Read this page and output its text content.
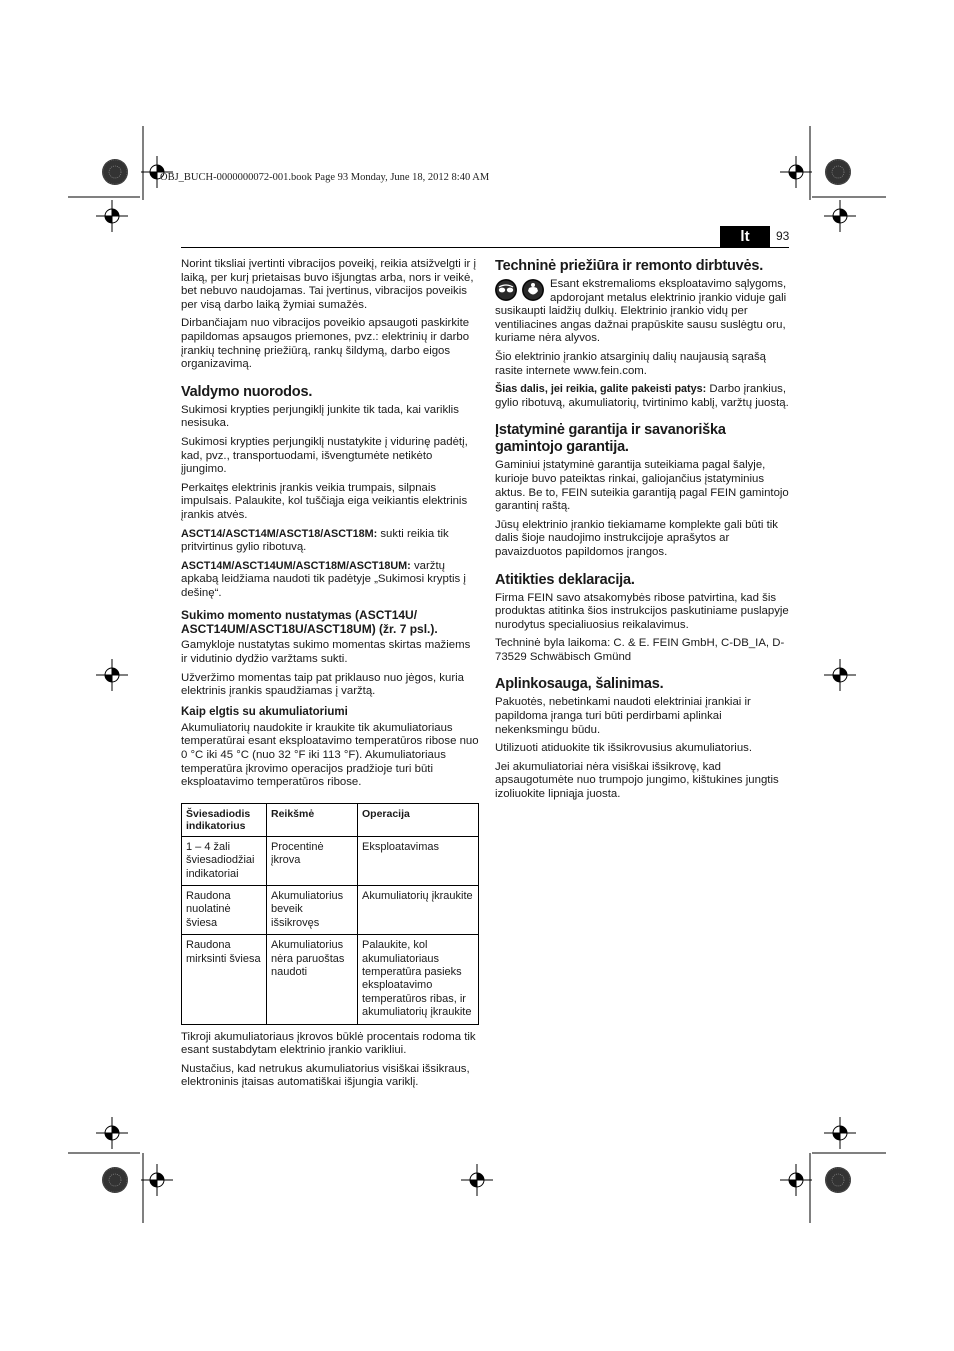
OBJ_BUCH-0000000072-001.book Page 93 Monday, June 18, 2012 8:40 AM
lt	93

Norint tiksliai įvertinti vibracijos poveikį, reikia atsižvelgti ir į laiką, per kurį prietaisas buvo išjungtas arba, nors ir veikė, bet nebuvo naudojamas. Tai įvertinus, vibracijos poveikis per visą darbo laiką žymiai sumažės.

Dirbančiajam nuo vibracijos poveikio apsaugoti paskirkite papildomas apsaugos priemones, pvz.: elektrinių ir darbo įrankių techninę priežiūrą, rankų šildymą, darbo eigos organizavimą.

Valdymo nuorodos.

Sukimosi krypties perjungiklį junkite tik tada, kai variklis nesisuka.

Sukimosi krypties perjungiklį nustatykite į vidurinę padėtį, kad, pvz., transportuodami, išvengtumėte netikėto įjungimo.

Perkaitęs elektrinis įrankis veikia trumpais, silpnais impulsais. Palaukite, kol tuščiąja eiga veikiantis elektrinis įrankis atvės.

ASCT14/ASCT14M/ASCT18/ASCT18M: sukti reikia tik pritvirtinus gylio ribotuvą.

ASCT14M/ASCT14UM/ASCT18M/ASCT18UM: varžtų apkabą leidžiama naudoti tik padėtyje „Sukimosi kryptis į dešinę“.

Sukimo momento nustatymas (ASCT14U/ ASCT14UM/ASCT18U/ASCT18UM) (žr. 7 psl.).

Gamykloje nustatytas sukimo momentas skirtas mažiems ir vidutinio dydžio varžtams sukti.

Užveržimo momentas taip pat priklauso nuo jėgos, kuria elektrinis įrankis spaudžiamas į varžtą.

Kaip elgtis su akumuliatoriumi

Akumuliatorių naudokite ir kraukite tik akumuliatoriaus temperatūrai esant eksploatavimo temperatūros ribose nuo 0 °C iki 45 °C (nuo 32 °F iki 113 °F). Akumuliatoriaus temperatūra įkrovimo operacijos pradžioje turi būti eksploatavimo temperatūros ribose.

Šviesadiodis indikatorius	Reikšmė	Operacija
1 – 4 žali šviesadiodžiai indikatoriai	Procentinė įkrova	Eksploatavimas
Raudona nuolatinė šviesa	Akumuliatorius beveik išsikrovęs	Akumuliatorių įkraukite
Raudona mirksinti šviesa	Akumuliatorius nėra paruoštas naudoti	Palaukite, kol akumuliatoriaus temperatūra pasieks eksploatavimo temperatūros ribas, ir akumuliatorių įkraukite

Tikroji akumuliatoriaus įkrovos būklė procentais rodoma tik esant sustabdytam elektrinio įrankio varikliui.

Nustačius, kad netrukus akumuliatorius visiškai išsikraus, elektroninis įtaisas automatiškai išjungia variklį.

Techninė priežiūra ir remonto dirbtuvės.

Esant ekstremalioms eksploatavimo sąlygoms, apdorojant metalus elektrinio įrankio viduje gali susikaupti laidžių dulkių. Elektrinio įrankio vidų per ventiliacines angas dažnai prapūskite sausu suslėgtu oru, kuriame nėra alyvos.

Šio elektrinio įrankio atsarginių dalių naujausią sąrašą rasite internete www.fein.com.

Šias dalis, jei reikia, galite pakeisti patys: Darbo įrankius, gylio ribotuvą, akumuliatorių, tvirtinimo kablį, varžtų juostą.

Įstatyminė garantija ir savanoriška gamintojo garantija.

Gaminiui įstatyminė garantija suteikiama pagal šalyje, kurioje buvo pateiktas rinkai, galiojančius įstatyminius aktus. Be to, FEIN suteikia garantiją pagal FEIN gamintojo garantinį raštą.

Jūsų elektrinio įrankio tiekiamame komplekte gali būti tik dalis šioje naudojimo instrukcijoje aprašytos ar pavaizduotos papildomos įrangos.

Atitikties deklaracija.

Firma FEIN savo atsakomybės ribose patvirtina, kad šis produktas atitinka šios instrukcijos paskutiniame puslapyje nurodytus specialiuosius reikalavimus.

Techninė byla laikoma: C. & E. FEIN GmbH, C-DB_IA, D-73529 Schwäbisch Gmünd

Aplinkosauga, šalinimas.

Pakuotės, nebetinkami naudoti elektriniai įrankiai ir papildoma įranga turi būti perdirbami aplinkai nekenksmingu būdu.

Utilizuoti atiduokite tik išsikrovusius akumuliatorius.

Jei akumuliatoriai nėra visiškai išsikrovę, kad apsaugotumėte nuo trumpojo jungimo, kištukines jungtis izoliuokite lipniąja juosta.
